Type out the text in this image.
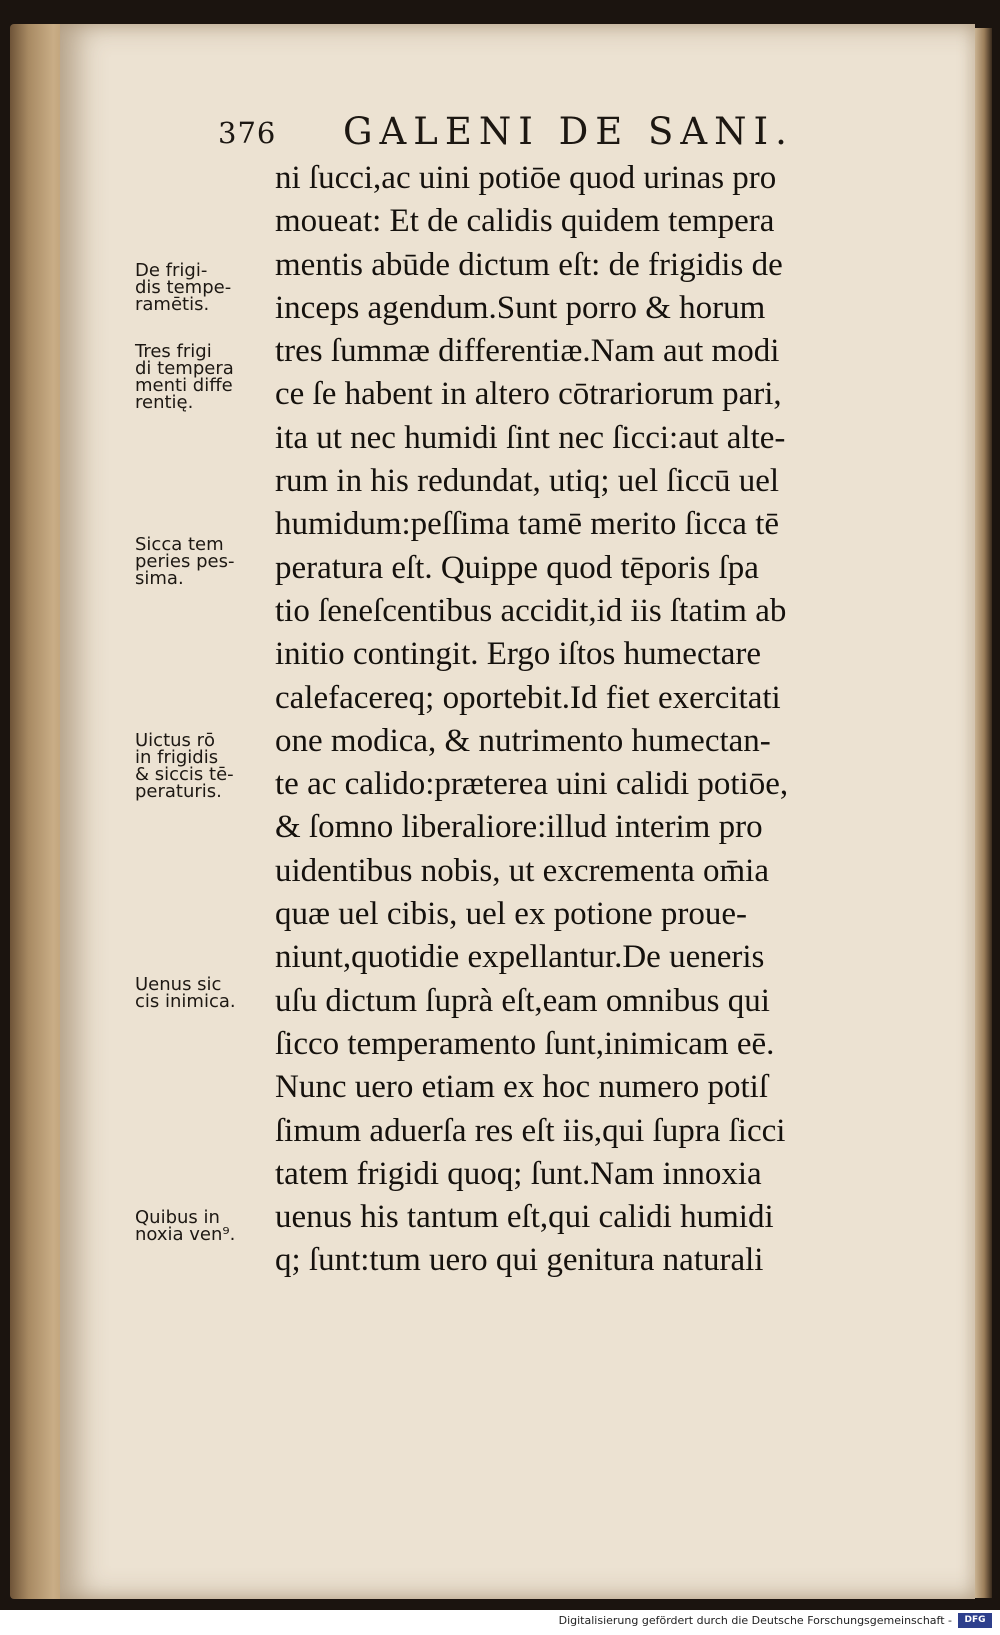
376 GALENI DE SANI.
De frigi-
dis tempe-
ramētis.
Tres frigi
di tempera
menti diffe
rentię.
Sicca tem
peries pes-
sima.
Uictus rō
in frigidis
& siccis tē-
peraturis.
Uenus sic
cis inimica.
Quibus in
noxia ven⁹.
ni ſucci,ac uini potiōe quod urinas pro
moueat: Et de calidis quidem tempera
mentis abūde dictum eſt: de frigidis de
inceps agendum.Sunt porro & horum
tres ſummæ differentiæ.Nam aut modi
ce ſe habent in altero cōtrariorum pari,
ita ut nec humidi ſint nec ſicci:aut alte-
rum in his redundat, utiq; uel ſiccū uel
humidum:peſſima tamē merito ſicca tē
peratura eſt. Quippe quod tēporis ſpa
tio ſeneſcentibus accidit,id iis ſtatim ab
initio contingit. Ergo iſtos humectare
calefacereq; oportebit.Id fiet exercitati
one modica, & nutrimento humectan-
te ac calido:prætereа uini calidi potiōe,
& ſomno liberaliore:illud interim pro
uidentibus nobis, ut excrementa om̄ia
quæ uel cibis, uel ex potione proue-
niunt,quotidie expellantur.De ueneris
uſu dictum ſuprà eſt,eam omnibus qui
ſicco temperamento ſunt,inimicam eē.
Nunc uero etiam ex hoc numero potiſ
ſimum aduerſa res eſt iis,qui ſupra ſicci
tatem frigidi quoq; ſunt.Nam innoxia
uenus his tantum eſt,qui calidi humidi
q; ſunt:tum uero qui genitura naturali
Digitalisierung gefördert durch die Deutsche Forschungsgemeinschaft -	DFG
